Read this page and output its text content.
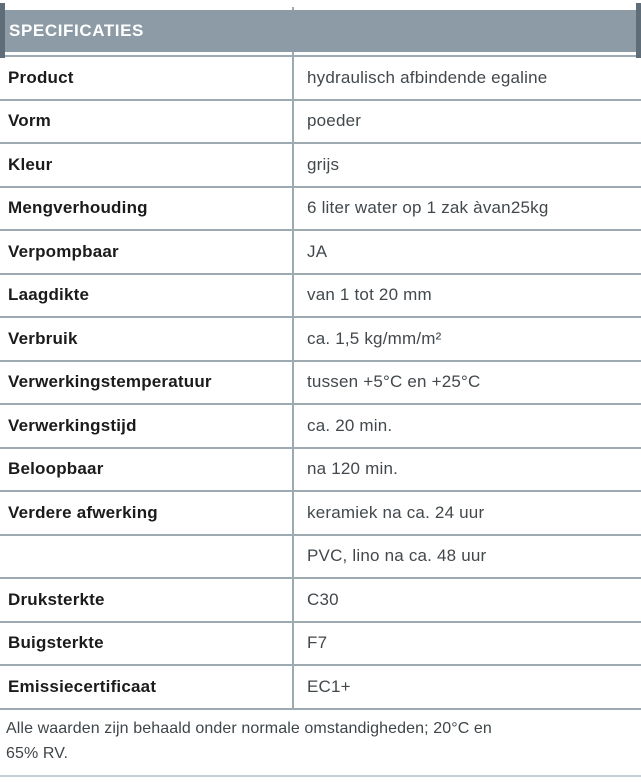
SPECIFICATIES
Product	hydraulisch afbindende egaline
Vorm	poeder
Kleur	grijs
Mengverhouding	6 liter water op 1 zak àvan25kg
Verpompbaar	JA
Laagdikte	van 1 tot 20 mm
Verbruik	ca. 1,5 kg/mm/m²
Verwerkingstemperatuur	tussen +5°C en +25°C
Verwerkingstijd	ca. 20 min.
Beloopbaar	na 120 min.
Verdere afwerking	keramiek na ca. 24 uur
PVC, lino na ca. 48 uur
Druksterkte	C30
Buigsterkte	F7
Emissiecertificaat	EC1+
Alle waarden zijn behaald onder normale omstandigheden; 20°C en
65% RV.
